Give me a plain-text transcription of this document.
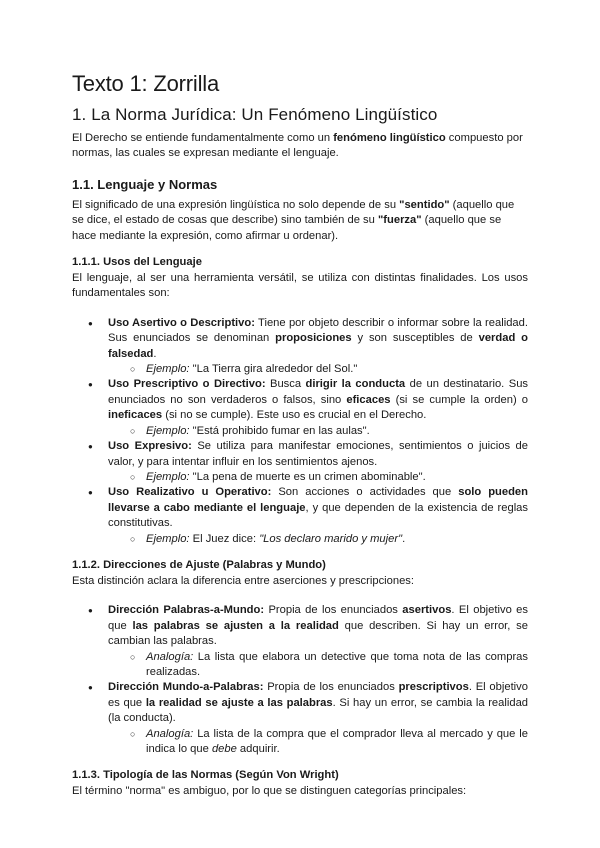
Texto 1: Zorrilla
1. La Norma Jurídica: Un Fenómeno Lingüístico

El Derecho se entiende fundamentalmente como un fenómeno lingüístico compuesto por normas, las cuales se expresan mediante el lenguaje.

1.1. Lenguaje y Normas

El significado de una expresión lingüística no solo depende de su "sentido" (aquello que se dice, el estado de cosas que describe) sino también de su "fuerza" (aquello que se hace mediante la expresión, como afirmar u ordenar).

1.1.1. Usos del Lenguaje

El lenguaje, al ser una herramienta versátil, se utiliza con distintas finalidades. Los usos fundamentales son:

● Uso Asertivo o Descriptivo: Tiene por objeto describir o informar sobre la realidad. Sus enunciados se denominan proposiciones y son susceptibles de verdad o falsedad.
○ Ejemplo: "La Tierra gira alrededor del Sol."
● Uso Prescriptivo o Directivo: Busca dirigir la conducta de un destinatario. Sus enunciados no son verdaderos o falsos, sino eficaces (si se cumple la orden) o ineficaces (si no se cumple). Este uso es crucial en el Derecho.
○ Ejemplo: "Está prohibido fumar en las aulas".
● Uso Expresivo: Se utiliza para manifestar emociones, sentimientos o juicios de valor, y para intentar influir en los sentimientos ajenos.
○ Ejemplo: "La pena de muerte es un crimen abominable".
● Uso Realizativo u Operativo: Son acciones o actividades que solo pueden llevarse a cabo mediante el lenguaje, y que dependen de la existencia de reglas constitutivas.
○ Ejemplo: El Juez dice: "Los declaro marido y mujer".
1.1.2. Direcciones de Ajuste (Palabras y Mundo)

Esta distinción aclara la diferencia entre aserciones y prescripciones:

● Dirección Palabras-a-Mundo: Propia de los enunciados asertivos. El objetivo es que las palabras se ajusten a la realidad que describen. Si hay un error, se cambian las palabras.
○ Analogía: La lista que elabora un detective que toma nota de las compras realizadas.
● Dirección Mundo-a-Palabras: Propia de los enunciados prescriptivos. El objetivo es que la realidad se ajuste a las palabras. Si hay un error, se cambia la realidad (la conducta).
○ Analogía: La lista de la compra que el comprador lleva al mercado y que le indica lo que debe adquirir.
1.1.3. Tipología de las Normas (Según Von Wright)

El término "norma" es ambiguo, por lo que se distinguen categorías principales:
